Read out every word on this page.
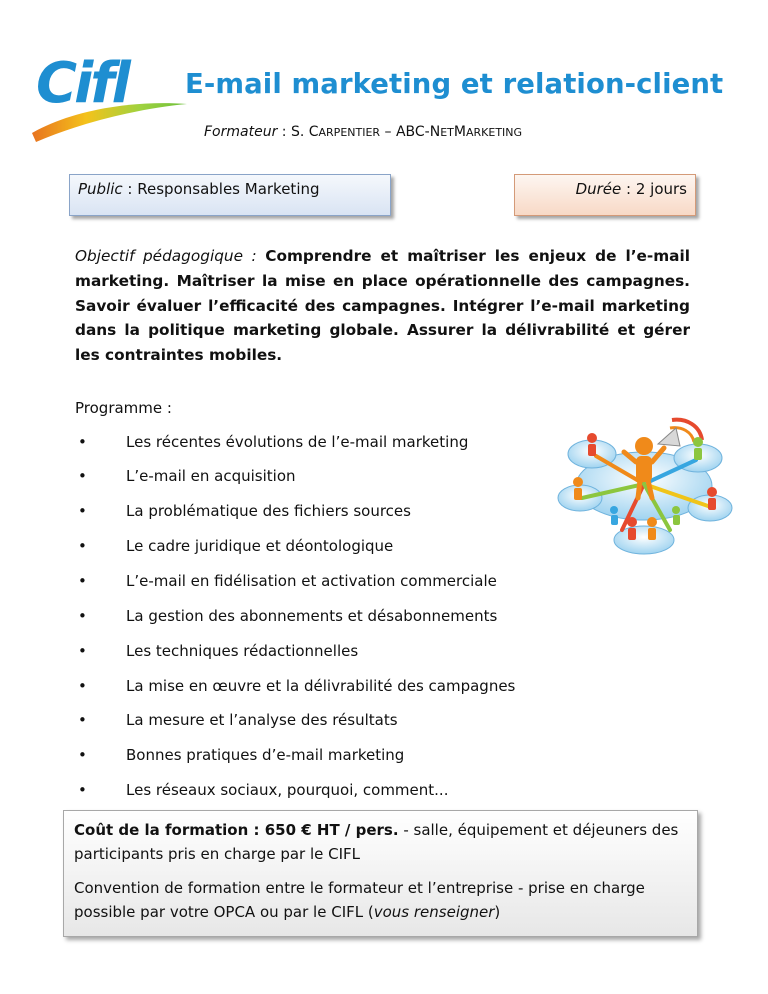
Cifl E-mail marketing et relation-client
Formateur : S. CARPENTIER – ABC-NETMARKETING
Public : Responsables Marketing	Durée : 2 jours

Objectif pédagogique : Comprendre et maîtriser les enjeux de l’e-mail marketing. Maîtriser la mise en place opérationnelle des campagnes. Savoir évaluer l’efficacité des campagnes. Intégrer l’e-mail marketing dans la politique marketing globale. Assurer la délivrabilité et gérer les contraintes mobiles.

Programme :
•	Les récentes évolutions de l’e-mail marketing
•	L’e-mail en acquisition
•	La problématique des fichiers sources
•	Le cadre juridique et déontologique
•	L’e-mail en fidélisation et activation commerciale
•	La gestion des abonnements et désabonnements
•	Les techniques rédactionnelles
•	La mise en œuvre et la délivrabilité des campagnes
•	La mesure et l’analyse des résultats
•	Bonnes pratiques d’e-mail marketing
•	Les réseaux sociaux, pourquoi, comment...

Coût de la formation : 650 € HT / pers. - salle, équipement et déjeuners des participants pris en charge par le CIFL

Convention de formation entre le formateur et l’entreprise - prise en charge possible par votre OPCA ou par le CIFL (vous renseigner)
